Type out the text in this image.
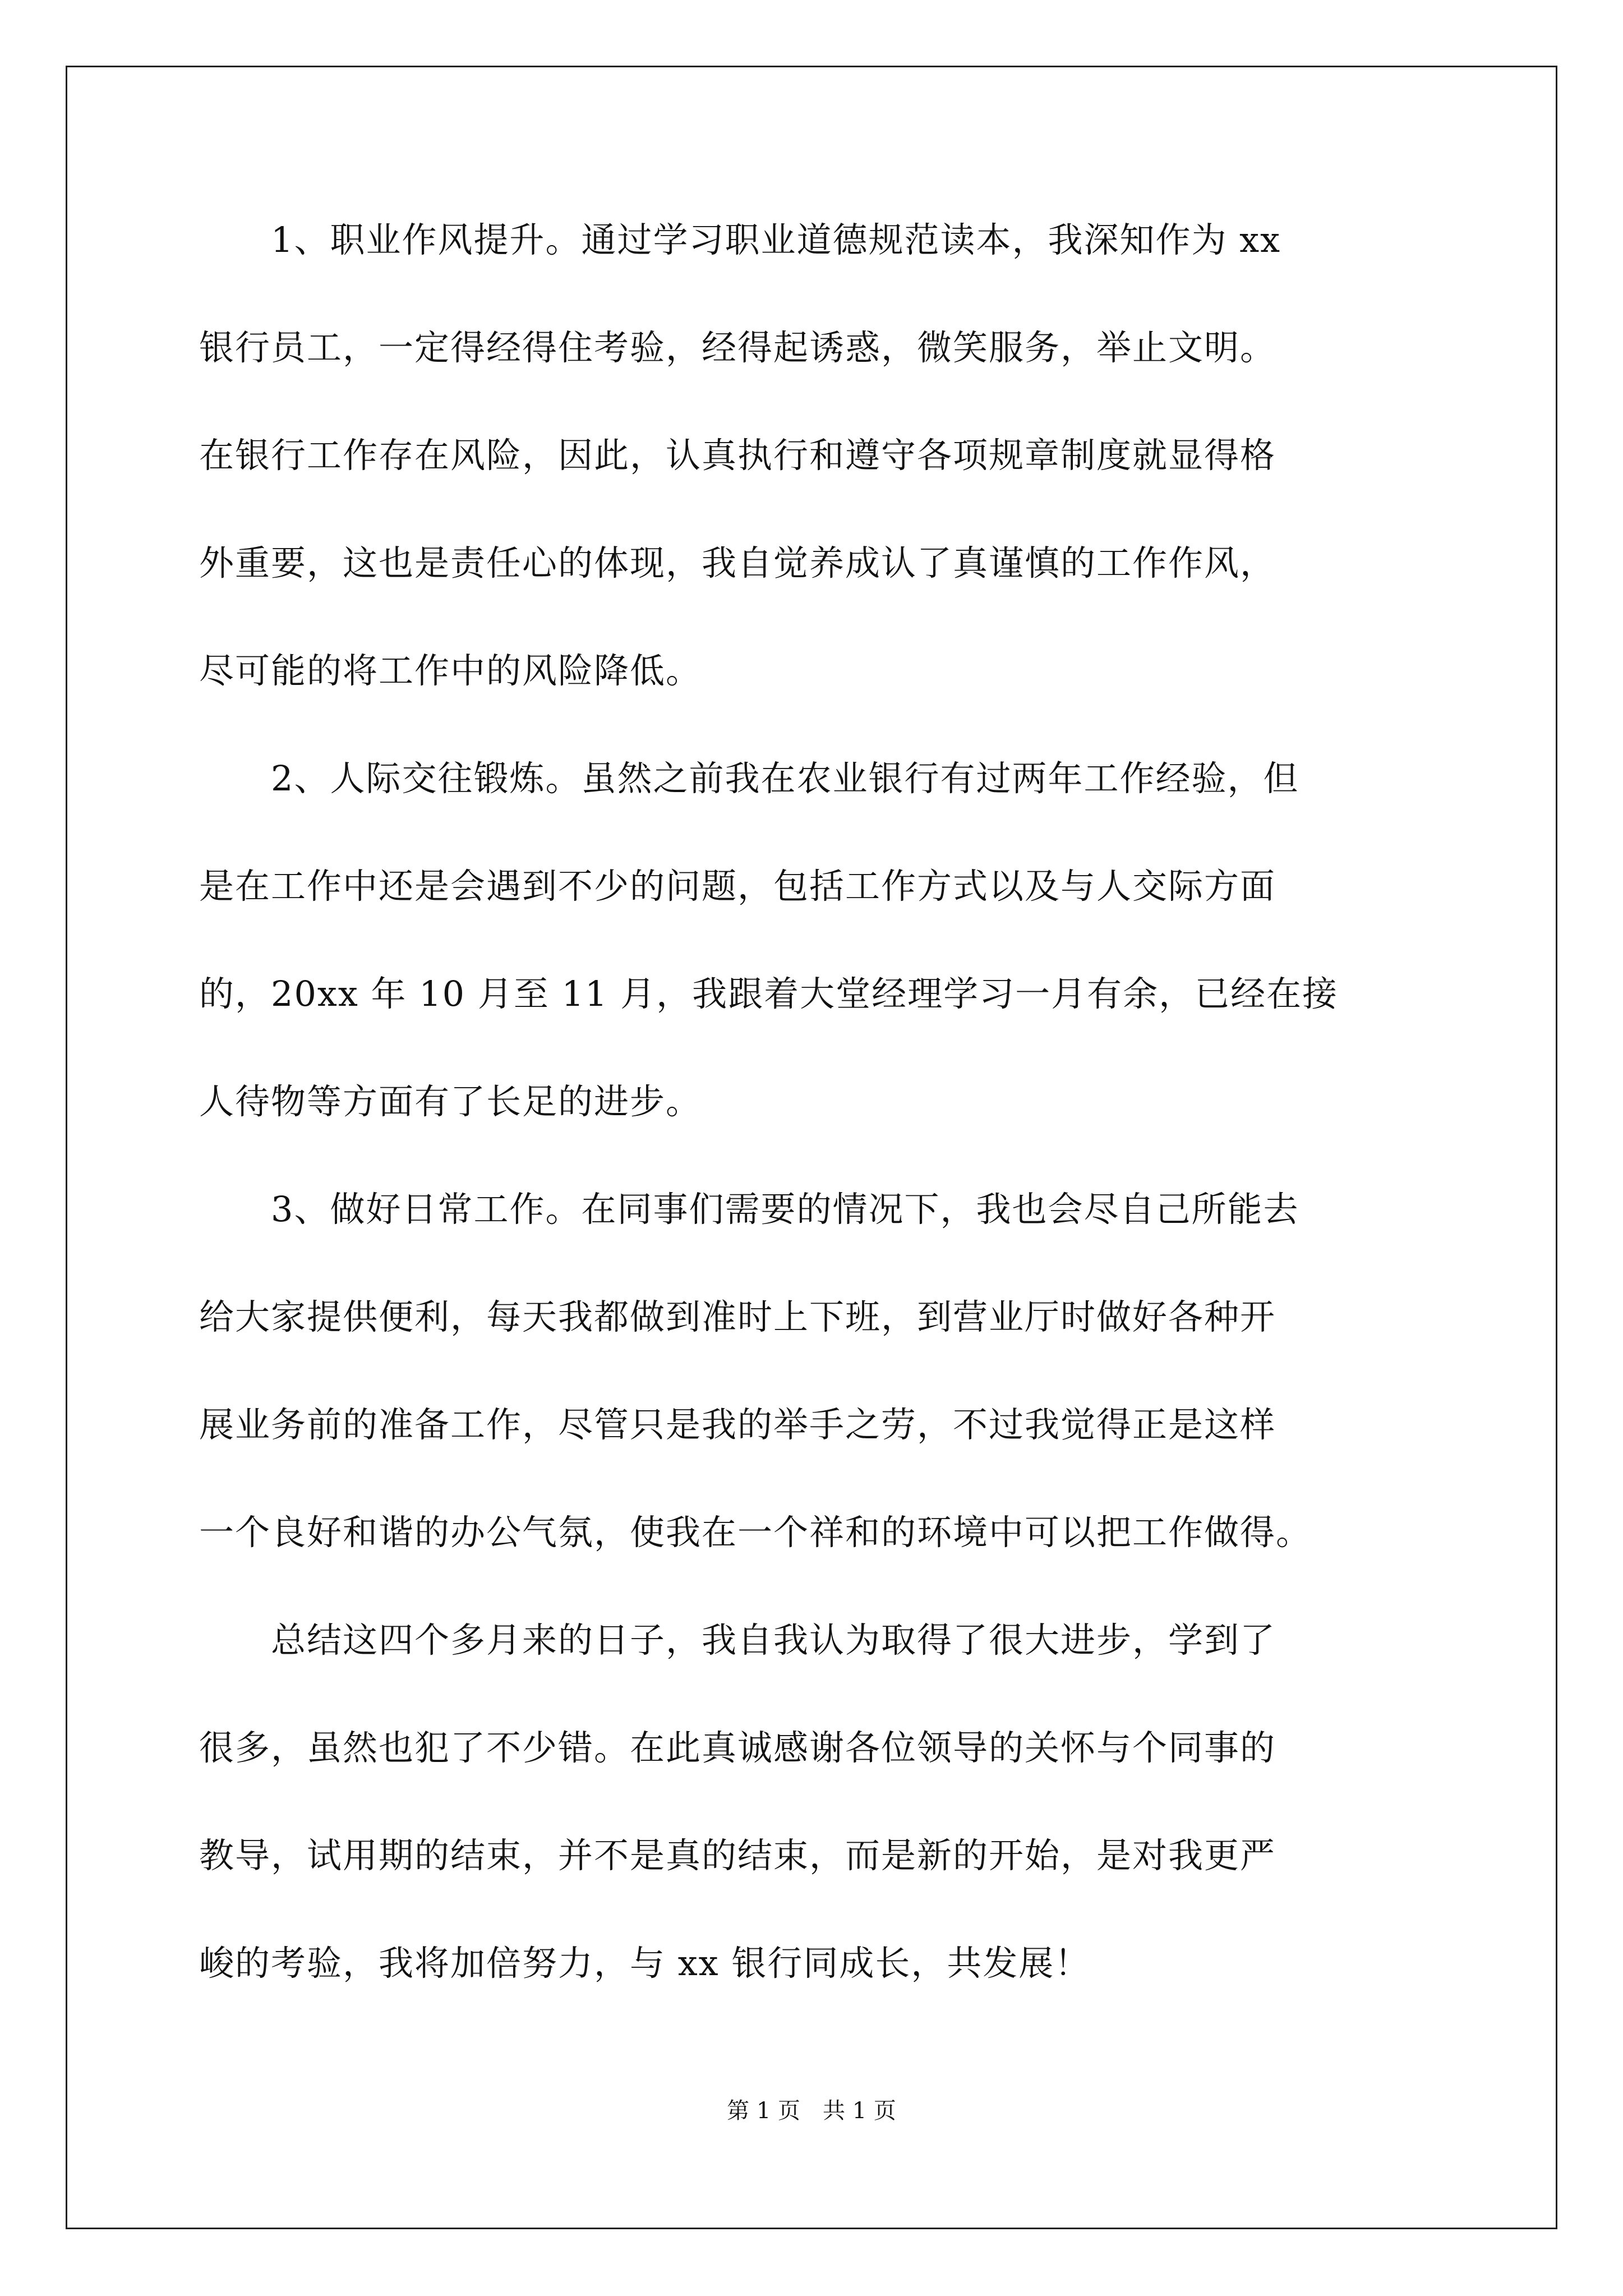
　　1、职业作风提升。通过学习职业道德规范读本，我深知作为 xx
银行员工，一定得经得住考验，经得起诱惑，微笑服务，举止文明。
在银行工作存在风险，因此，认真执行和遵守各项规章制度就显得格
外重要，这也是责任心的体现，我自觉养成认了真谨慎的工作作风，
尽可能的将工作中的风险降低。
　　2、人际交往锻炼。虽然之前我在农业银行有过两年工作经验，但
是在工作中还是会遇到不少的问题，包括工作方式以及与人交际方面
的，20xx 年 10 月至 11 月，我跟着大堂经理学习一月有余，已经在接
人待物等方面有了长足的进步。
　　3、做好日常工作。在同事们需要的情况下，我也会尽自己所能去
给大家提供便利，每天我都做到准时上下班，到营业厅时做好各种开
展业务前的准备工作，尽管只是我的举手之劳，不过我觉得正是这样
一个良好和谐的办公气氛，使我在一个祥和的环境中可以把工作做得。
　　总结这四个多月来的日子，我自我认为取得了很大进步，学到了
很多，虽然也犯了不少错。在此真诚感谢各位领导的关怀与个同事的
教导，试用期的结束，并不是真的结束，而是新的开始，是对我更严
峻的考验，我将加倍努力，与 xx 银行同成长，共发展！
第 1 页　共 1 页
